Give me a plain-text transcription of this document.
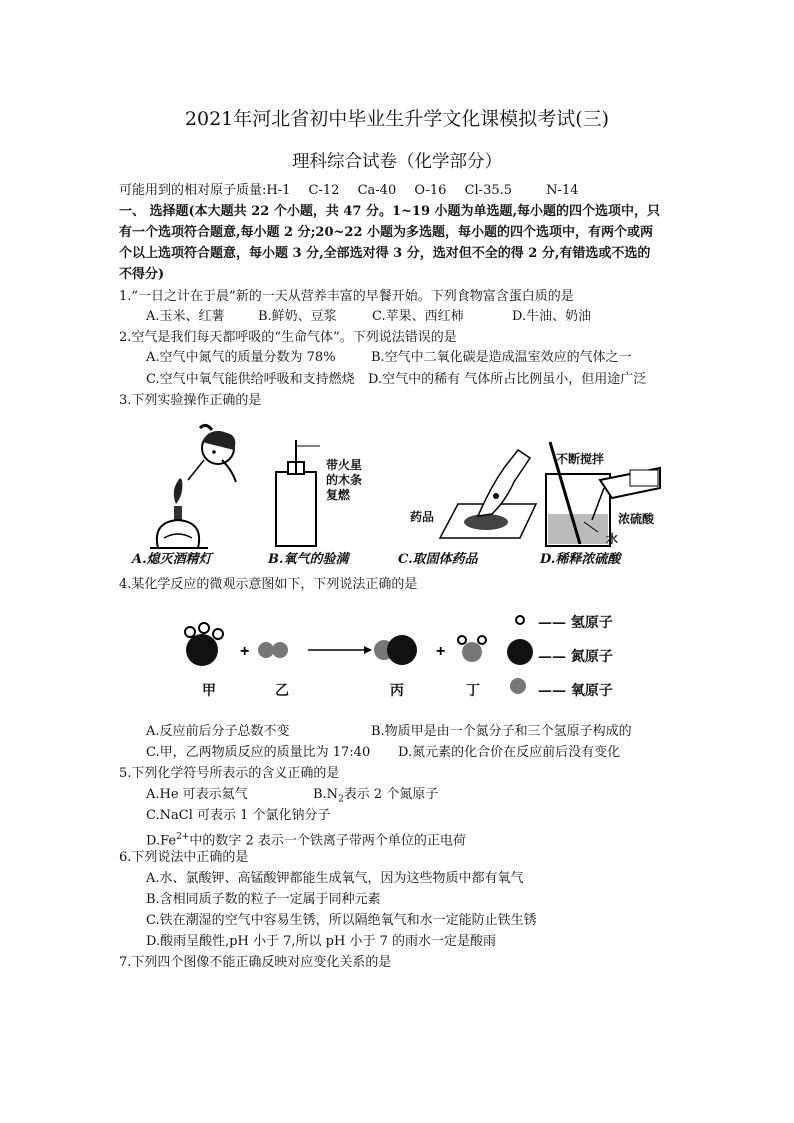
2021年河北省初中毕业生升学文化课模拟考试(三)
理科综合试卷（化学部分）
可能用到的相对原子质量:H-1 C-12 Ca-40 O-16 Cl-35.5	N-14
一、 选择题(本大题共 22 个小题，共 47 分。1~19 小题为单选题,每小题的四个选项中，只
有一个选项符合题意,每小题 2 分;20~22 小题为多选题，每小题的四个选项中，有两个或两
个以上选项符合题意，每小题 3 分,全部选对得 3 分，选对但不全的得 2 分,有错选或不选的
不得分)
1.“一日之计在于晨”新的一天从营养丰富的早餐开始。下列食物富含蛋白质的是
A.玉米、红薯	B.鲜奶、豆浆	C.苹果、西红柿	D.牛油、奶油
2.空气是我们每天都呼吸的“生命气体”。下列说法错误的是
A.空气中氮气的质量分数为 78%	B.空气中二氧化碳是造成温室效应的气体之一
C.空气中氧气能供给呼吸和支持燃烧 D.空气中的稀有 气体所占比例虽小，但用途广泛
3.下列实验操作正确的是
A.熄灭酒精灯
带火星
的木条
复燃
B.氧气的验满
药品
C.取固体药品
不断搅拌
浓硫酸
水
D.稀释浓硫酸
4.某化学反应的微观示意图如下，下列说法正确的是
+	+
甲	乙	丙	丁
—— 氢原子
—— 氮原子
—— 氧原子
A.反应前后分子总数不变	B.物质甲是由一个氮分子和三个氢原子构成的
C.甲，乙两物质反应的质量比为 17:40 D.氮元素的化合价在反应前后没有变化
5.下列化学符号所表示的含义正确的是
A.He 可表示氦气	$B.N_2$表示 2 个氮原子
C.NaCl 可表示 1 个氯化钠分子
$D.Fe^{2+}$中的数字 2 表示一个铁离子带两个单位的正电荷
6.下列说法中正确的是
A.水、氯酸钾、高锰酸钾都能生成氧气，因为这些物质中都有氧气
B.含相同质子数的粒子一定属于同种元素
C.铁在潮湿的空气中容易生锈，所以隔绝氧气和水一定能防止铁生锈
D.酸雨呈酸性,pH 小于 7,所以 pH 小于 7 的雨水一定是酸雨
7.下列四个图像不能正确反映对应变化关系的是
